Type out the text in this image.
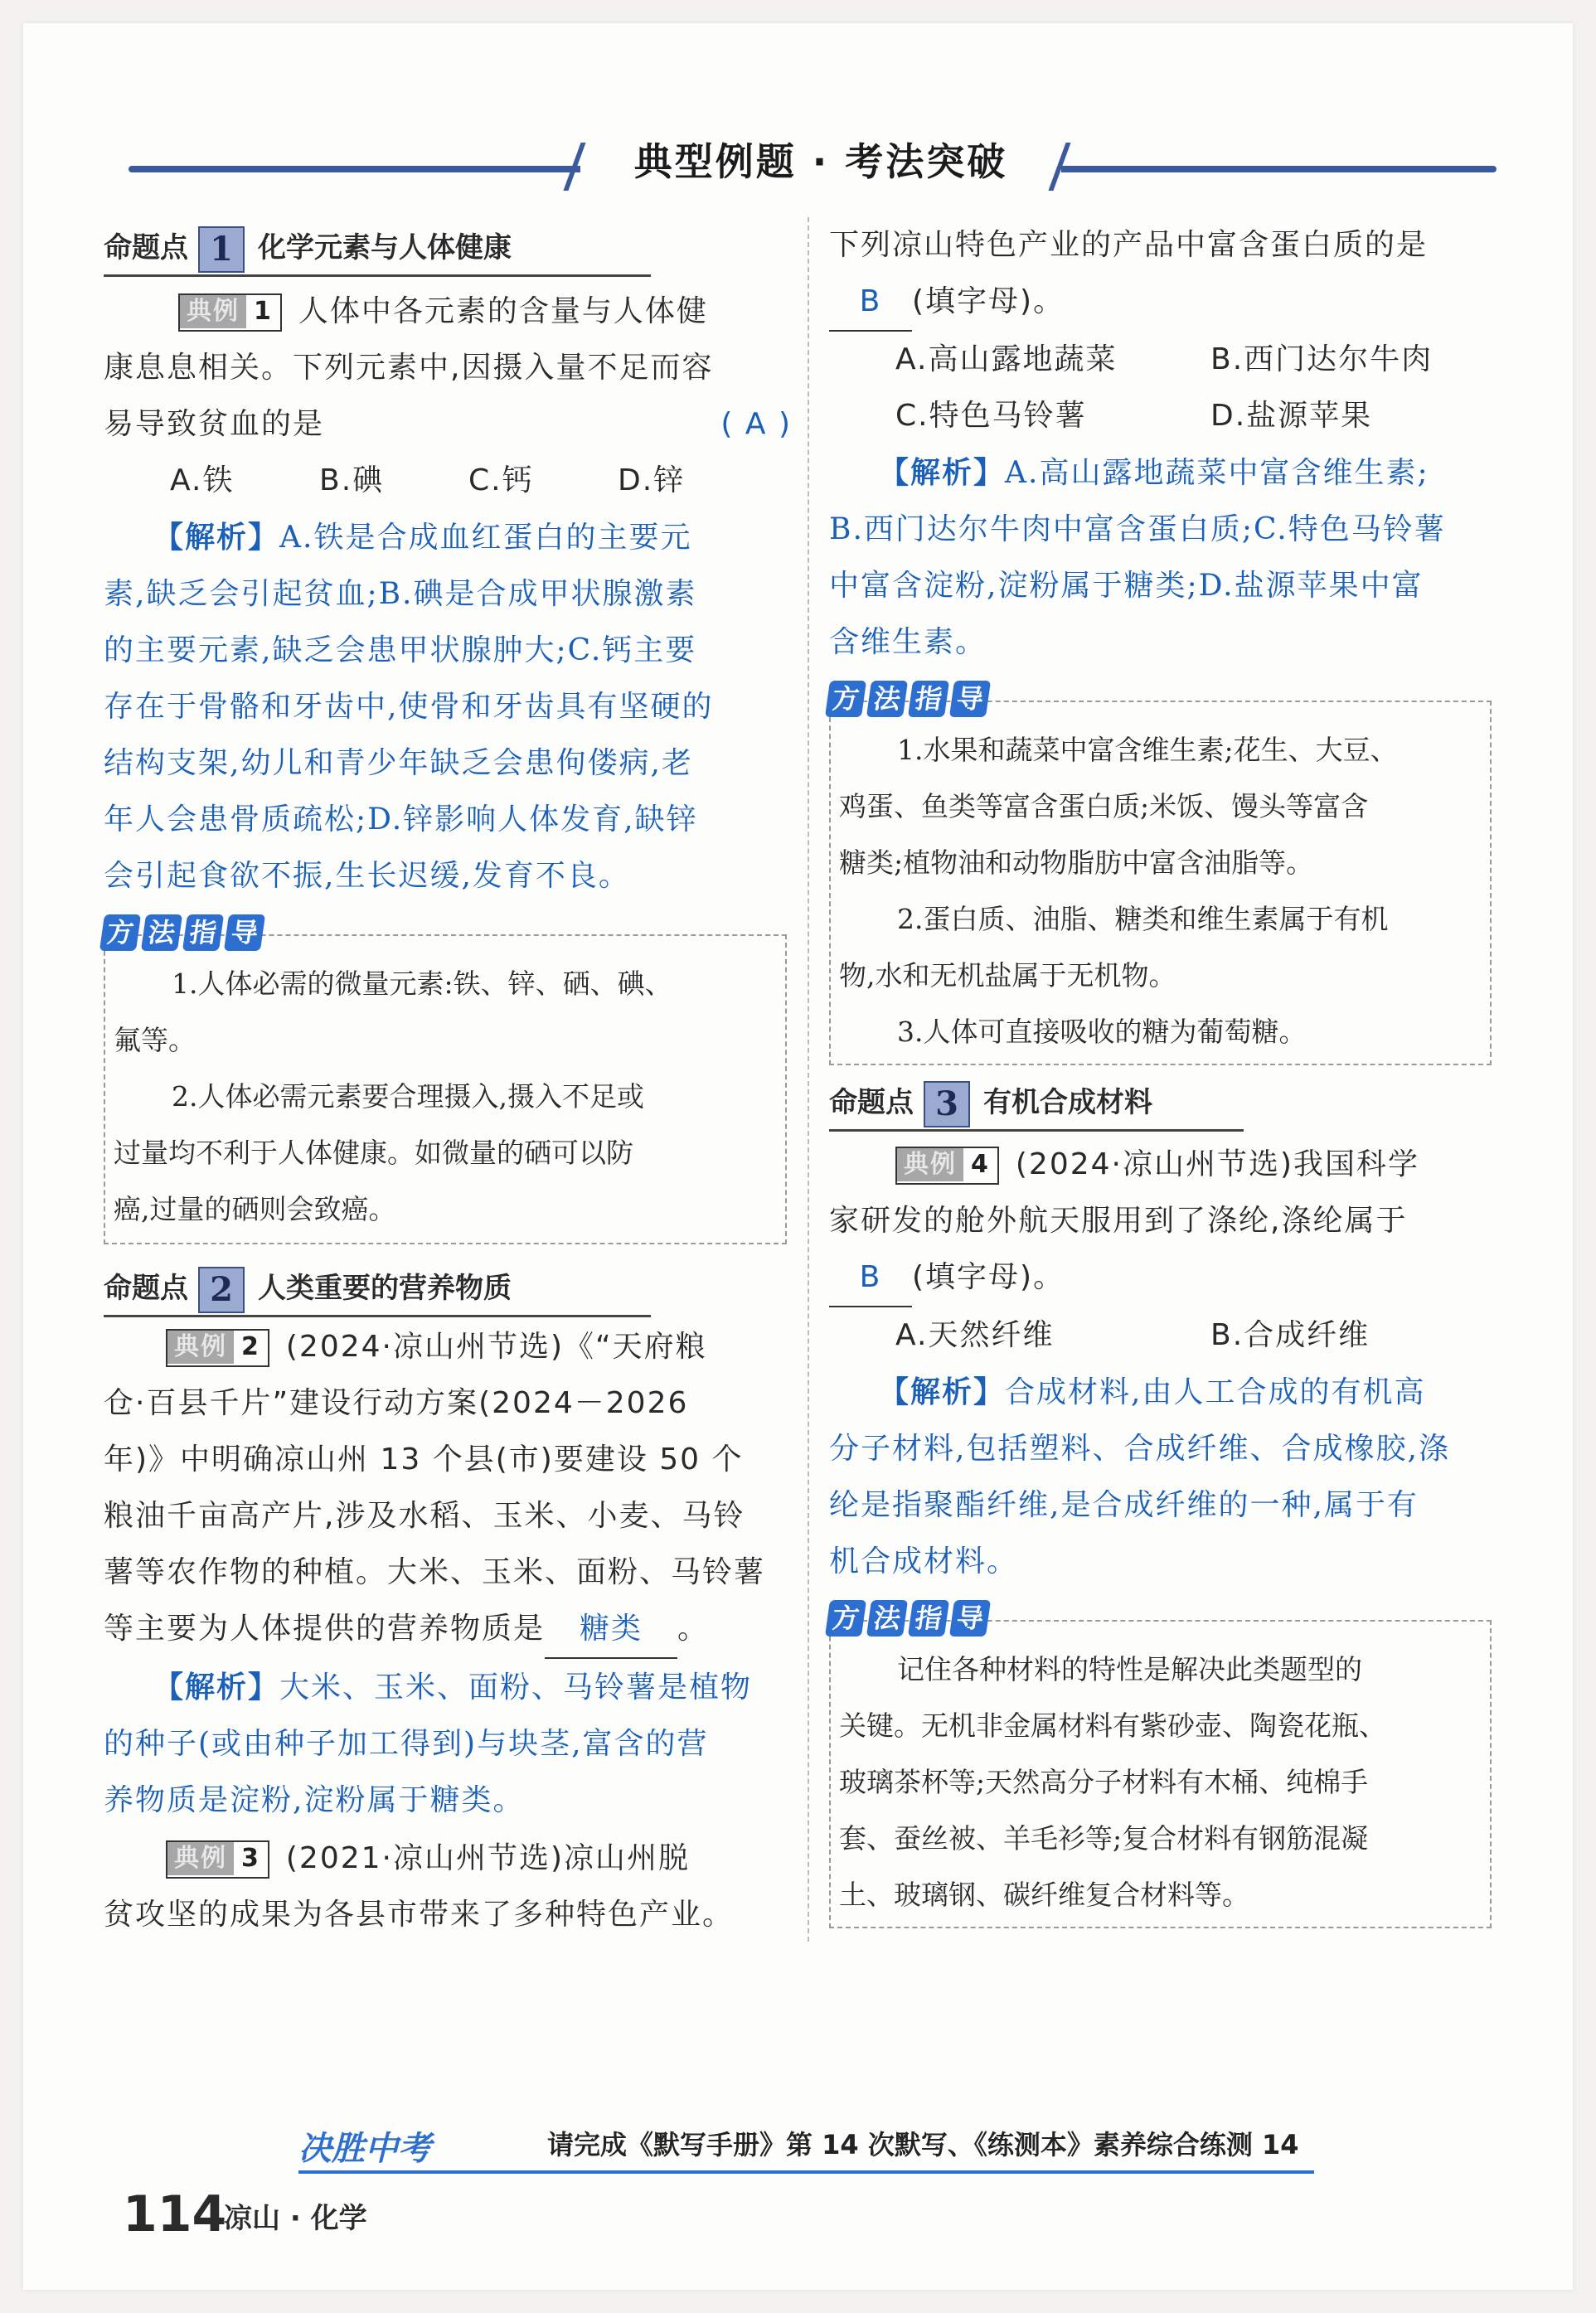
典型例题 · 考法突破
命题点 1 化学元素与人体健康
典例 1 人体中各元素的含量与人体健
康息息相关。下列元素中,因摄入量不足而容
易导致贫血的是	( A )
A.铁	B.碘	C.钙	D.锌
【解析】A.铁是合成血红蛋白的主要元
素,缺乏会引起贫血;B.碘是合成甲状腺激素
的主要元素,缺乏会患甲状腺肿大;C.钙主要
存在于骨骼和牙齿中,使骨和牙齿具有坚硬的
结构支架,幼儿和青少年缺乏会患佝偻病,老
年人会患骨质疏松;D.锌影响人体发育,缺锌
会引起食欲不振,生长迟缓,发育不良。
方 法 指 导
1.人体必需的微量元素:铁、锌、硒、碘、
氟等。
2.人体必需元素要合理摄入,摄入不足或
过量均不利于人体健康。如微量的硒可以防
癌,过量的硒则会致癌。
命题点 2 人类重要的营养物质
典例 2 (2024·凉山州节选)《“天府粮
仓·百县千片”建设行动方案(2024－2026
年)》中明确凉山州 13 个县(市)要建设 50 个
粮油千亩高产片,涉及水稻、玉米、小麦、马铃
薯等农作物的种植。大米、玉米、面粉、马铃薯
等主要为人体提供的营养物质是 糖类 。
【解析】大米、玉米、面粉、马铃薯是植物
的种子(或由种子加工得到)与块茎,富含的营
养物质是淀粉,淀粉属于糖类。
典例 3 (2021·凉山州节选)凉山州脱
贫攻坚的成果为各县市带来了多种特色产业。
下列凉山特色产业的产品中富含蛋白质的是
B (填字母)。
A.高山露地蔬菜	B.西门达尔牛肉
C.特色马铃薯	D.盐源苹果
【解析】A.高山露地蔬菜中富含维生素;
B.西门达尔牛肉中富含蛋白质;C.特色马铃薯
中富含淀粉,淀粉属于糖类;D.盐源苹果中富
含维生素。
方 法 指 导
1.水果和蔬菜中富含维生素;花生、大豆、
鸡蛋、鱼类等富含蛋白质;米饭、馒头等富含
糖类;植物油和动物脂肪中富含油脂等。
2.蛋白质、油脂、糖类和维生素属于有机
物,水和无机盐属于无机物。
3.人体可直接吸收的糖为葡萄糖。
命题点 3 有机合成材料
典例 4 (2024·凉山州节选)我国科学
家研发的舱外航天服用到了涤纶,涤纶属于
B (填字母)。
A.天然纤维	B.合成纤维
【解析】合成材料,由人工合成的有机高
分子材料,包括塑料、合成纤维、合成橡胶,涤
纶是指聚酯纤维,是合成纤维的一种,属于有
机合成材料。
方 法 指 导
记住各种材料的特性是解决此类题型的
关键。无机非金属材料有紫砂壶、陶瓷花瓶、
玻璃茶杯等;天然高分子材料有木桶、纯棉手
套、蚕丝被、羊毛衫等;复合材料有钢筋混凝
土、玻璃钢、碳纤维复合材料等。
决胜中考	请完成《默写手册》第 14 次默写、《练测本》素养综合练测 14
114
凉山 · 化学
